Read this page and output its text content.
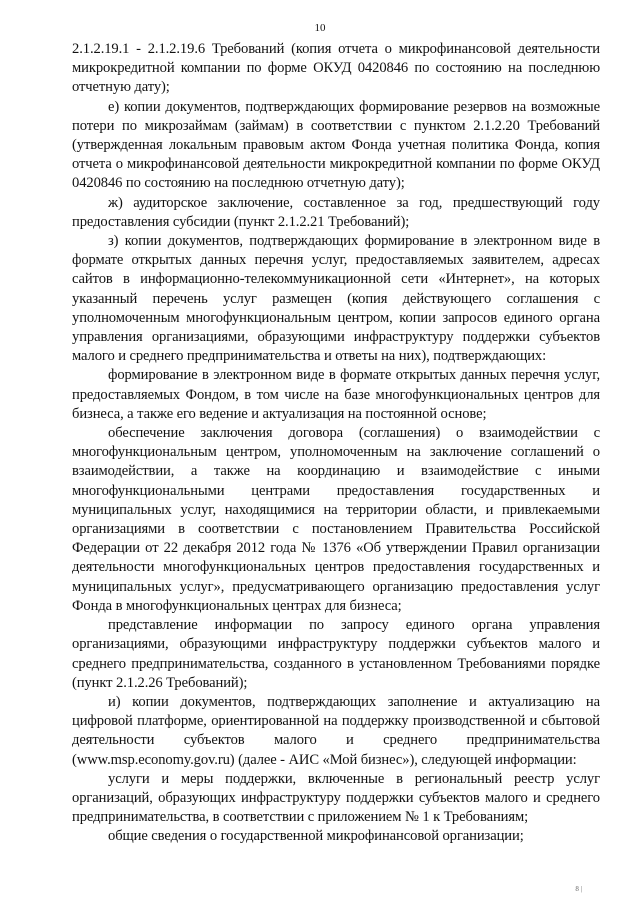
10

2.1.2.19.1 - 2.1.2.19.6 Требований (копия отчета о микрофинансовой деятельности микрокредитной компании по форме ОКУД 0420846 по состоянию на последнюю отчетную дату);

е) копии документов, подтверждающих формирование резервов на возможные потери по микрозаймам (займам) в соответствии с пунктом 2.1.2.20 Требований (утвержденная локальным правовым актом Фонда учетная политика Фонда, копия отчета о микрофинансовой деятельности микрокредитной компании по форме ОКУД 0420846 по состоянию на последнюю отчетную дату);

ж) аудиторское заключение, составленное за год, предшествующий году предоставления субсидии (пункт 2.1.2.21 Требований);

з) копии документов, подтверждающих формирование в электронном виде в формате открытых данных перечня услуг, предоставляемых заявителем, адресах сайтов в информационно-телекоммуникационной сети «Интернет», на которых указанный перечень услуг размещен (копия действующего соглашения с уполномоченным многофункциональным центром, копии запросов единого органа управления организациями, образующими инфраструктуру поддержки субъектов малого и среднего предпринимательства и ответы на них), подтверждающих:

формирование в электронном виде в формате открытых данных перечня услуг, предоставляемых Фондом, в том числе на базе многофункциональных центров для бизнеса, а также его ведение и актуализация на постоянной основе;

обеспечение заключения договора (соглашения) о взаимодействии с многофункциональным центром, уполномоченным на заключение соглашений о взаимодействии, а также на координацию и взаимодействие с иными многофункциональными центрами предоставления государственных и муниципальных услуг, находящимися на территории области, и привлекаемыми организациями в соответствии с постановлением Правительства Российской Федерации от 22 декабря 2012 года № 1376 «Об утверждении Правил организации деятельности многофункциональных центров предоставления государственных и муниципальных услуг», предусматривающего организацию предоставления услуг Фонда в многофункциональных центрах для бизнеса;

представление информации по запросу единого органа управления организациями, образующими инфраструктуру поддержки субъектов малого и среднего предпринимательства, созданного в установленном Требованиями порядке (пункт 2.1.2.26 Требований);

и) копии документов, подтверждающих заполнение и актуализацию на цифровой платформе, ориентированной на поддержку производственной и сбытовой деятельности субъектов малого и среднего предпринимательства (www.msp.economy.gov.ru) (далее - АИС «Мой бизнес»), следующей информации:

услуги и меры поддержки, включенные в региональный реестр услуг организаций, образующих инфраструктуру поддержки субъектов малого и среднего предпринимательства, в соответствии с приложением № 1 к Требованиям;

общие сведения о государственной микрофинансовой организации;

8 |
